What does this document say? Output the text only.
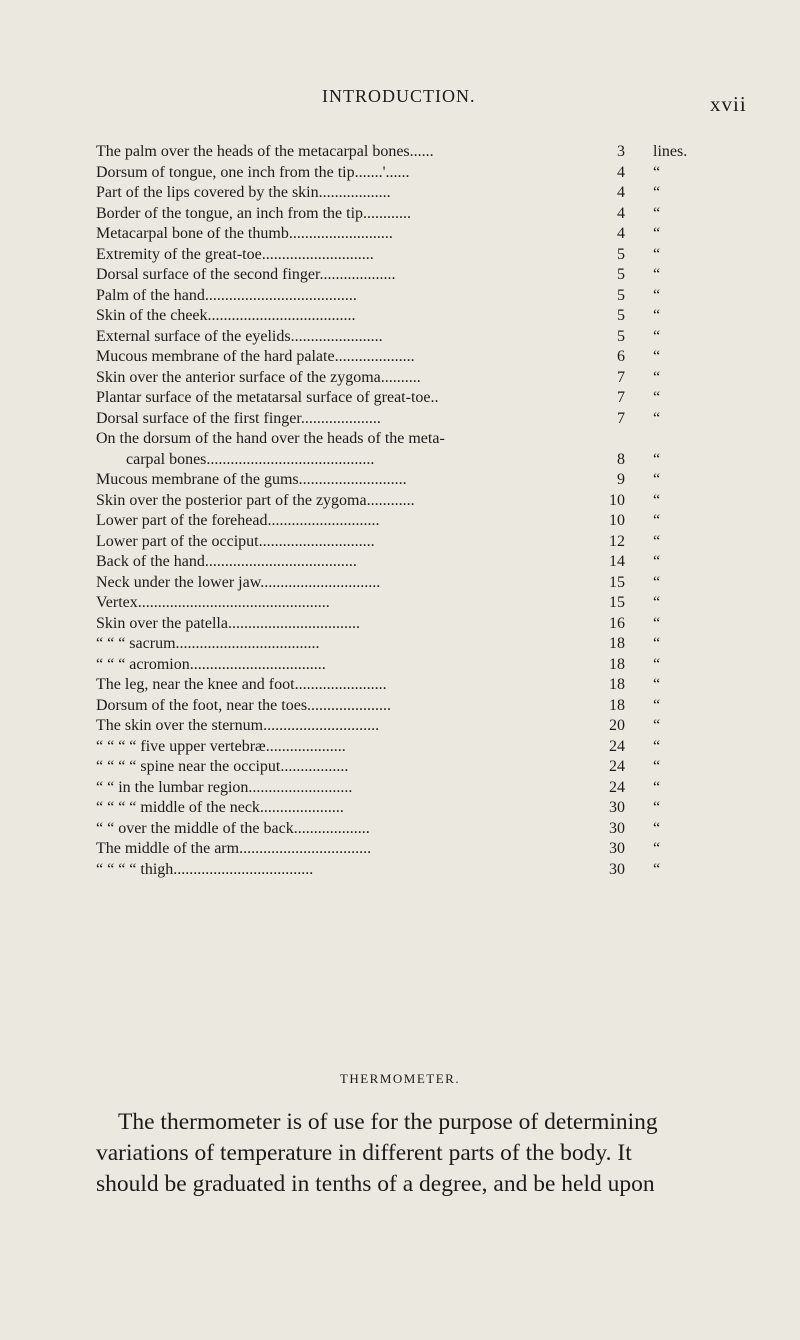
INTRODUCTION.	xvii
The palm over the heads of the metacarpal bones......	3 lines.
Dorsum of tongue, one inch from the tip.......'......	4 “
Part of the lips covered by the skin..................	4 “
Border of the tongue, an inch from the tip............	4 “
Metacarpal bone of the thumb..........................	4 “
Extremity of the great-toe............................	5 “
Dorsal surface of the second finger...................	5 “
Palm of the hand......................................	5 “
Skin of the cheek.....................................	5 “
External surface of the eyelids.......................	5 “
Mucous membrane of the hard palate....................	6 “
Skin over the anterior surface of the zygoma..........	7 “
Plantar surface of the metatarsal surface of great-toe..	7 “
Dorsal surface of the first finger....................	7 “
On the dorsum of the hand over the heads of the meta-
carpal bones..........................................	8 “
Mucous membrane of the gums...........................	9 “
Skin over the posterior part of the zygoma............	10 “
Lower part of the forehead............................	10 “
Lower part of the occiput.............................	12 “
Back of the hand......................................	14 “
Neck under the lower jaw..............................	15 “
Vertex................................................	15 “
Skin over the patella.................................	16 “
“ “ “ sacrum....................................	18 “
“ “ “ acromion..................................	18 “
The leg, near the knee and foot.......................	18 “
Dorsum of the foot, near the toes.....................	18 “
The skin over the sternum.............................	20 “
“ “ “ “ five upper vertebræ....................	24 “
“ “ “ “ spine near the occiput.................	24 “
“ “ in the lumbar region..........................	24 “
“ “ “ “ middle of the neck.....................	30 “
“ “ over the middle of the back...................	30 “
The middle of the arm.................................	30 “
“ “ “ “ thigh...................................	30 “
THERMOMETER.
The thermometer is of use for the purpose of determining
variations of temperature in different parts of the body. It
should be graduated in tenths of a degree, and be held upon
